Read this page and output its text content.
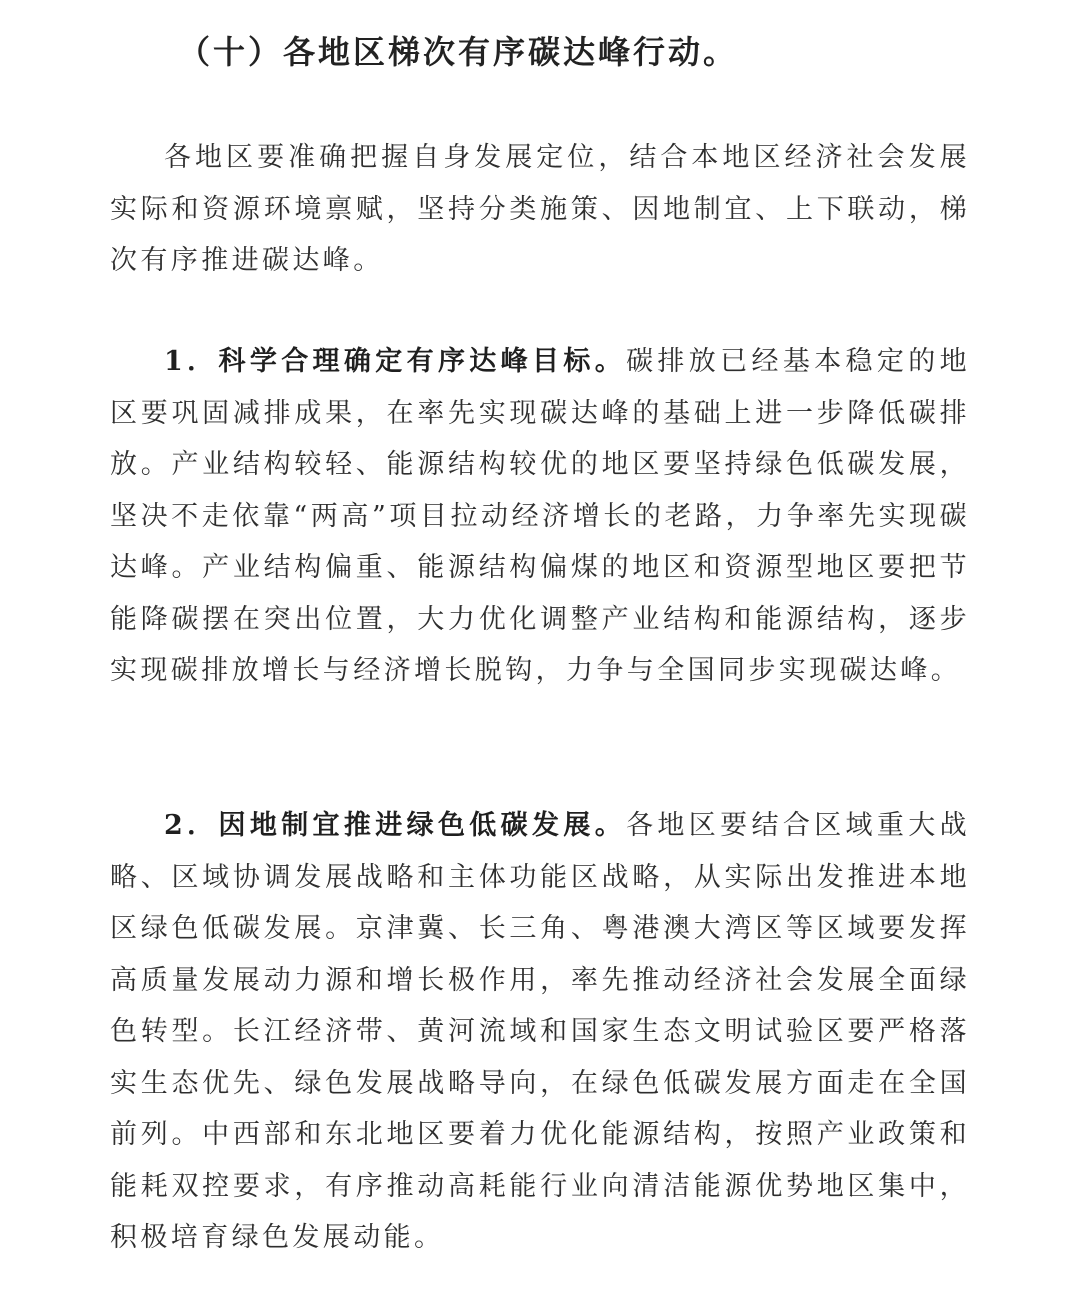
（十）各地区梯次有序碳达峰行动。

各地区要准确把握自身发展定位，结合本地区经济社会发展实际和资源环境禀赋，坚持分类施策、因地制宜、上下联动，梯次有序推进碳达峰。

1．科学合理确定有序达峰目标。碳排放已经基本稳定的地区要巩固减排成果，在率先实现碳达峰的基础上进一步降低碳排放。产业结构较轻、能源结构较优的地区要坚持绿色低碳发展，坚决不走依靠“两高”项目拉动经济增长的老路，力争率先实现碳达峰。产业结构偏重、能源结构偏煤的地区和资源型地区要把节能降碳摆在突出位置，大力优化调整产业结构和能源结构，逐步实现碳排放增长与经济增长脱钩，力争与全国同步实现碳达峰。

2．因地制宜推进绿色低碳发展。各地区要结合区域重大战略、区域协调发展战略和主体功能区战略，从实际出发推进本地区绿色低碳发展。京津冀、长三角、粤港澳大湾区等区域要发挥高质量发展动力源和增长极作用，率先推动经济社会发展全面绿色转型。长江经济带、黄河流域和国家生态文明试验区要严格落实生态优先、绿色发展战略导向，在绿色低碳发展方面走在全国前列。中西部和东北地区要着力优化能源结构，按照产业政策和能耗双控要求，有序推动高耗能行业向清洁能源优势地区集中，积极培育绿色发展动能。
